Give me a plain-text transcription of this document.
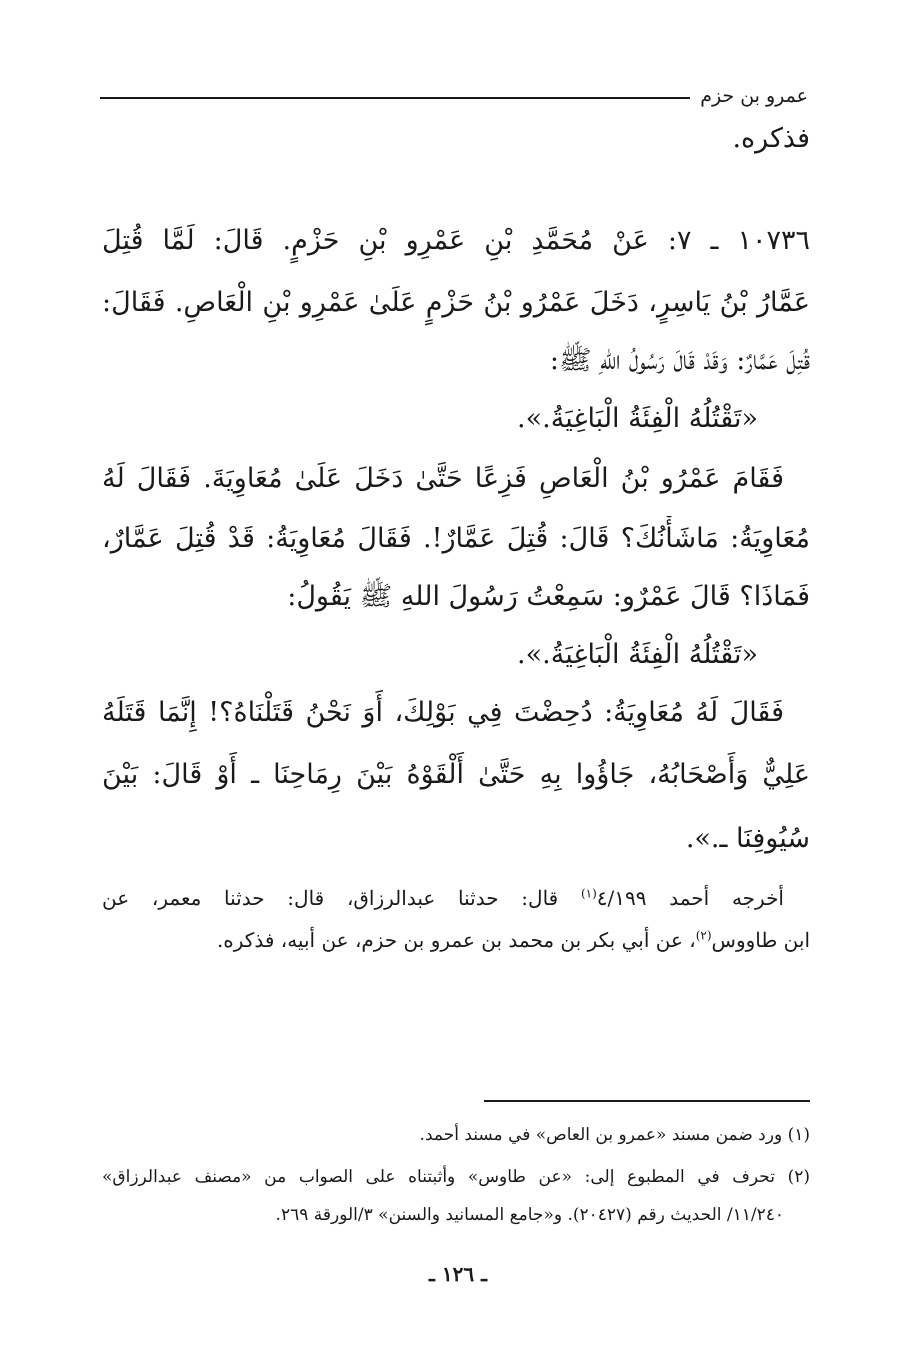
عمرو بن حزم
فذكره.
١٠٧٣٦ ـ ٧: عَنْ مُحَمَّدِ بْنِ عَمْرِو بْنِ حَزْمٍ. قَالَ: لَمَّا قُتِلَ
عَمَّارُ بْنُ يَاسِرٍ، دَخَلَ عَمْرُو بْنُ حَزْمٍ عَلَىٰ عَمْرِو بْنِ الْعَاصِ. فَقَالَ:
قُتِلَ عَمَّارٌ: وَقَدْ قَالَ رَسُولُ اللهِ ﷺ:
«تَقْتُلُهُ الْفِئَةُ الْبَاغِيَةُ.».
فَقَامَ عَمْرُو بْنُ الْعَاصِ فَزِعًا حَتَّىٰ دَخَلَ عَلَىٰ مُعَاوِيَةَ. فَقَالَ لَهُ
مُعَاوِيَةُ: مَاشَأْنُكَ؟ قَالَ: قُتِلَ عَمَّارٌ!. فَقَالَ مُعَاوِيَةُ: قَدْ قُتِلَ عَمَّارٌ،
فَمَاذَا؟ قَالَ عَمْرٌو: سَمِعْتُ رَسُولَ اللهِ ﷺ يَقُولُ:
«تَقْتُلُهُ الْفِئَةُ الْبَاغِيَةُ.».
فَقَالَ لَهُ مُعَاوِيَةُ: دُحِضْتَ فِي بَوْلِكَ، أَوَ نَحْنُ قَتَلْنَاهُ؟! إِنَّمَا قَتَلَهُ
عَلِيٌّ وَأَصْحَابُهُ، جَاؤُوا بِهِ حَتَّىٰ أَلْقَوْهُ بَيْنَ رِمَاحِنَا ـ أَوْ قَالَ: بَيْنَ
سُيُوفِنَا ـ.».
أخرجه أحمد ٤/١٩٩$^{(١)}$ قال: حدثنا عبدالرزاق، قال: حدثنا معمر، عن
ابن طاووس$^{(٢)}$، عن أبي بكر بن محمد بن عمرو بن حزم، عن أبيه، فذكره.
(١) ورد ضمن مسند «عمرو بن العاص» في مسند أحمد.
(٢) تحرف في المطبوع إلى: «عن طاوس» وأثبتناه على الصواب من «مصنف عبدالرزاق»
١١/٢٤٠/ الحديث رقم (٢٠٤٢٧). و«جامع المسانيد والسنن» ٣/الورقة ٢٦٩.
ـ ١٢٦ ـ
